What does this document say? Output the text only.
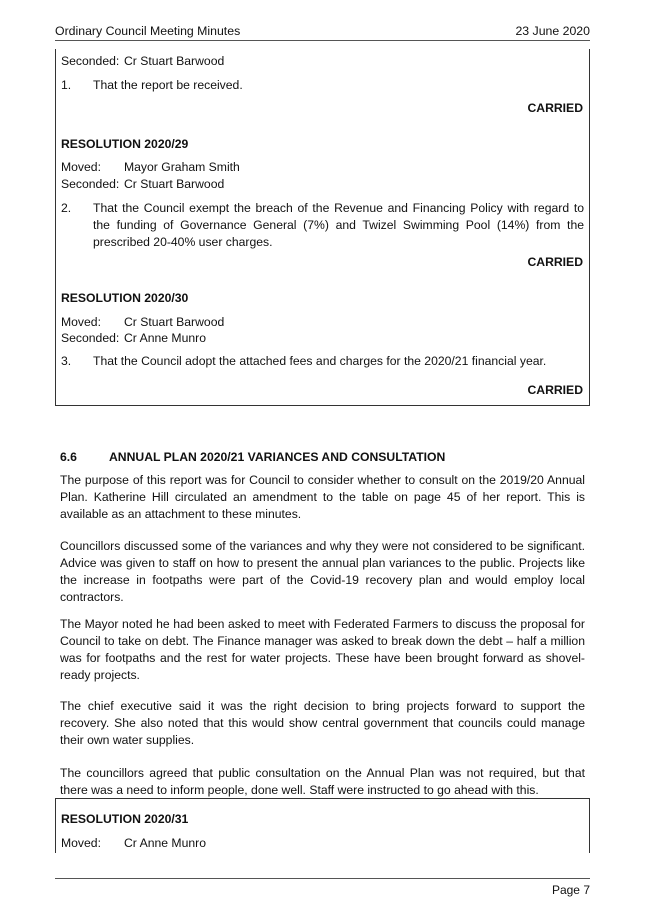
Ordinary Council Meeting Minutes	23 June 2020
Seconded: Cr Stuart Barwood
1. That the report be received.
CARRIED
RESOLUTION 2020/29
Moved: Mayor Graham Smith
Seconded: Cr Stuart Barwood
2. That the Council exempt the breach of the Revenue and Financing Policy with regard to the funding of Governance General (7%) and Twizel Swimming Pool (14%) from the prescribed 20-40% user charges.
CARRIED
RESOLUTION 2020/30
Moved: Cr Stuart Barwood
Seconded: Cr Anne Munro
3. That the Council adopt the attached fees and charges for the 2020/21 financial year.
CARRIED
6.6	ANNUAL PLAN 2020/21 VARIANCES AND CONSULTATION
The purpose of this report was for Council to consider whether to consult on the 2019/20 Annual Plan. Katherine Hill circulated an amendment to the table on page 45 of her report. This is available as an attachment to these minutes.
Councillors discussed some of the variances and why they were not considered to be significant. Advice was given to staff on how to present the annual plan variances to the public. Projects like the increase in footpaths were part of the Covid-19 recovery plan and would employ local contractors.
The Mayor noted he had been asked to meet with Federated Farmers to discuss the proposal for Council to take on debt. The Finance manager was asked to break down the debt – half a million was for footpaths and the rest for water projects. These have been brought forward as shovel-ready projects.
The chief executive said it was the right decision to bring projects forward to support the recovery. She also noted that this would show central government that councils could manage their own water supplies.
The councillors agreed that public consultation on the Annual Plan was not required, but that there was a need to inform people, done well. Staff were instructed to go ahead with this.
RESOLUTION 2020/31
Moved: Cr Anne Munro
Page 7
